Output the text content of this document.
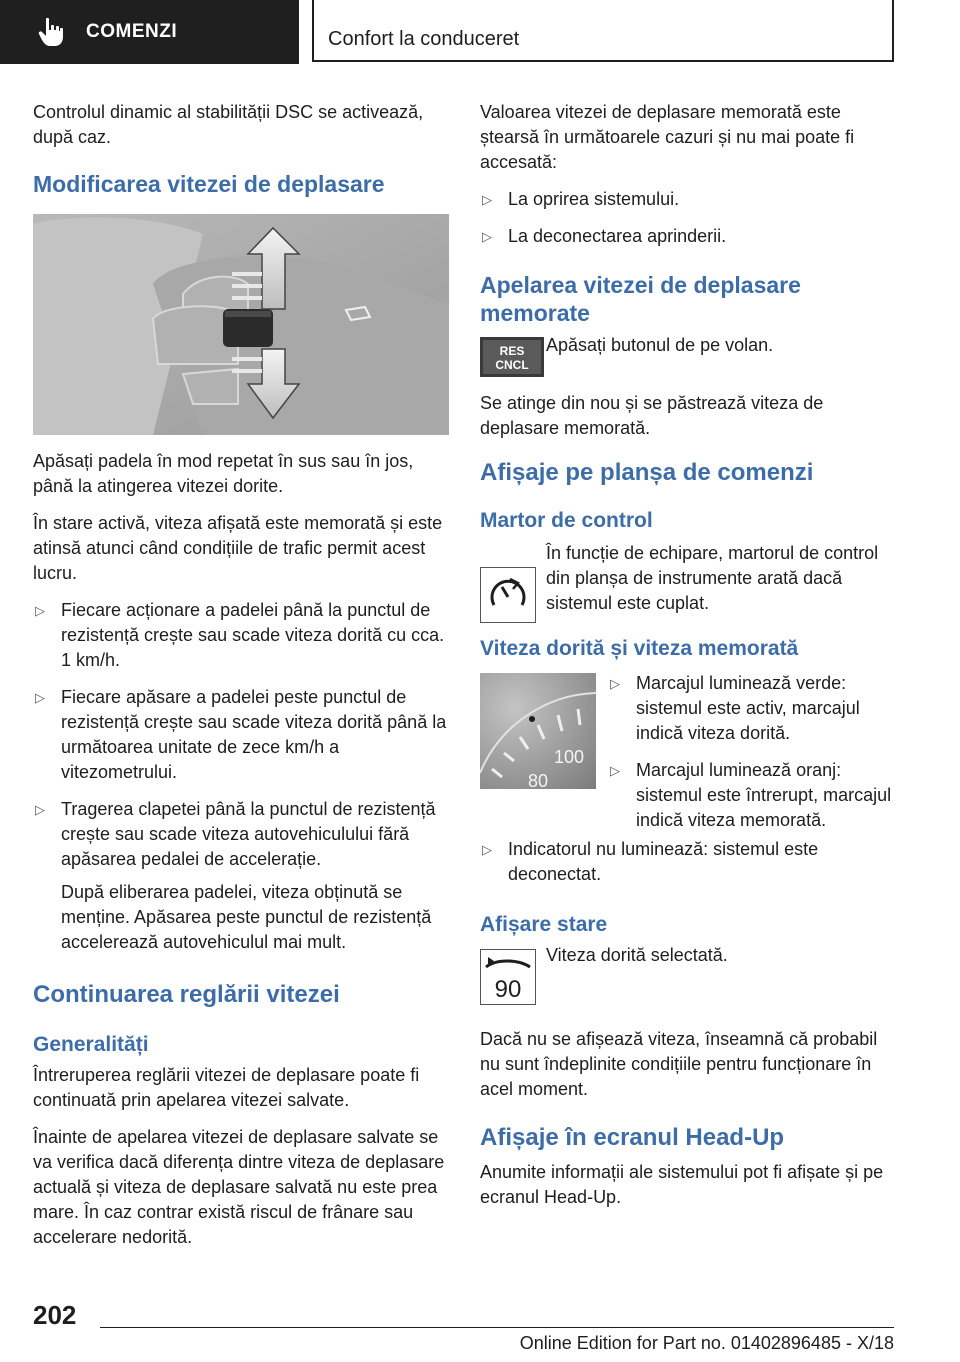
COMENZI	Confort la conduceret

Controlul dinamic al stabilității DSC se activează, după caz.

Modificarea vitezei de deplasare

Apăsați padela în mod repetat în sus sau în jos, până la atingerea vitezei dorite.

În stare activă, viteza afișată este memorată și este atinsă atunci când condițiile de trafic permit acest lucru.

▷ Fiecare acționare a padelei până la punctul de rezistență crește sau scade viteza dorită cu cca. 1 km/h.
▷ Fiecare apăsare a padelei peste punctul de rezistență crește sau scade viteza dorită până la următoarea unitate de zece km/h a vitezometrului.
▷ Tragerea clapetei până la punctul de rezistență crește sau scade viteza autovehiculului fără apăsarea pedalei de accelerație.

După eliberarea padelei, viteza obținută se menține. Apăsarea peste punctul de rezistență accelerează autovehiculul mai mult.

Continuarea reglării vitezei
Generalități

Întreruperea reglării vitezei de deplasare poate fi continuată prin apelarea vitezei salvate.

Înainte de apelarea vitezei de deplasare salvate se va verifica dacă diferența dintre viteza de deplasare actuală și viteza de deplasare salvată nu este prea mare. În caz contrar există riscul de frânare sau accelerare nedorită.

Valoarea vitezei de deplasare memorată este ștearsă în următoarele cazuri și nu mai poate fi accesată:

▷ La oprirea sistemului.
▷ La deconectarea aprinderii.
Apelarea vitezei de deplasare memorate
RES
CNCL

Apăsați butonul de pe volan.

Se atinge din nou și se păstrează viteza de deplasare memorată.

Afișaje pe planșa de comenzi
Martor de control

În funcție de echipare, martorul de control din planșa de instrumente arată dacă sistemul este cuplat.

Viteza dorită și viteza memorată
100
80
▷ Marcajul luminează verde: sistemul este activ, marcajul indică viteza dorită.
▷ Marcajul luminează oranj: sistemul este întrerupt, marcajul indică viteza memorată.
▷ Indicatorul nu luminează: sistemul este deconectat.
Afișare stare
90

Viteza dorită selectată.

Dacă nu se afișează viteza, înseamnă că probabil nu sunt îndeplinite condițiile pentru funcționare în acel moment.

Afișaje în ecranul Head-Up

Anumite informații ale sistemului pot fi afișate și pe ecranul Head-Up.

202
Online Edition for Part no. 01402896485 - X/18
